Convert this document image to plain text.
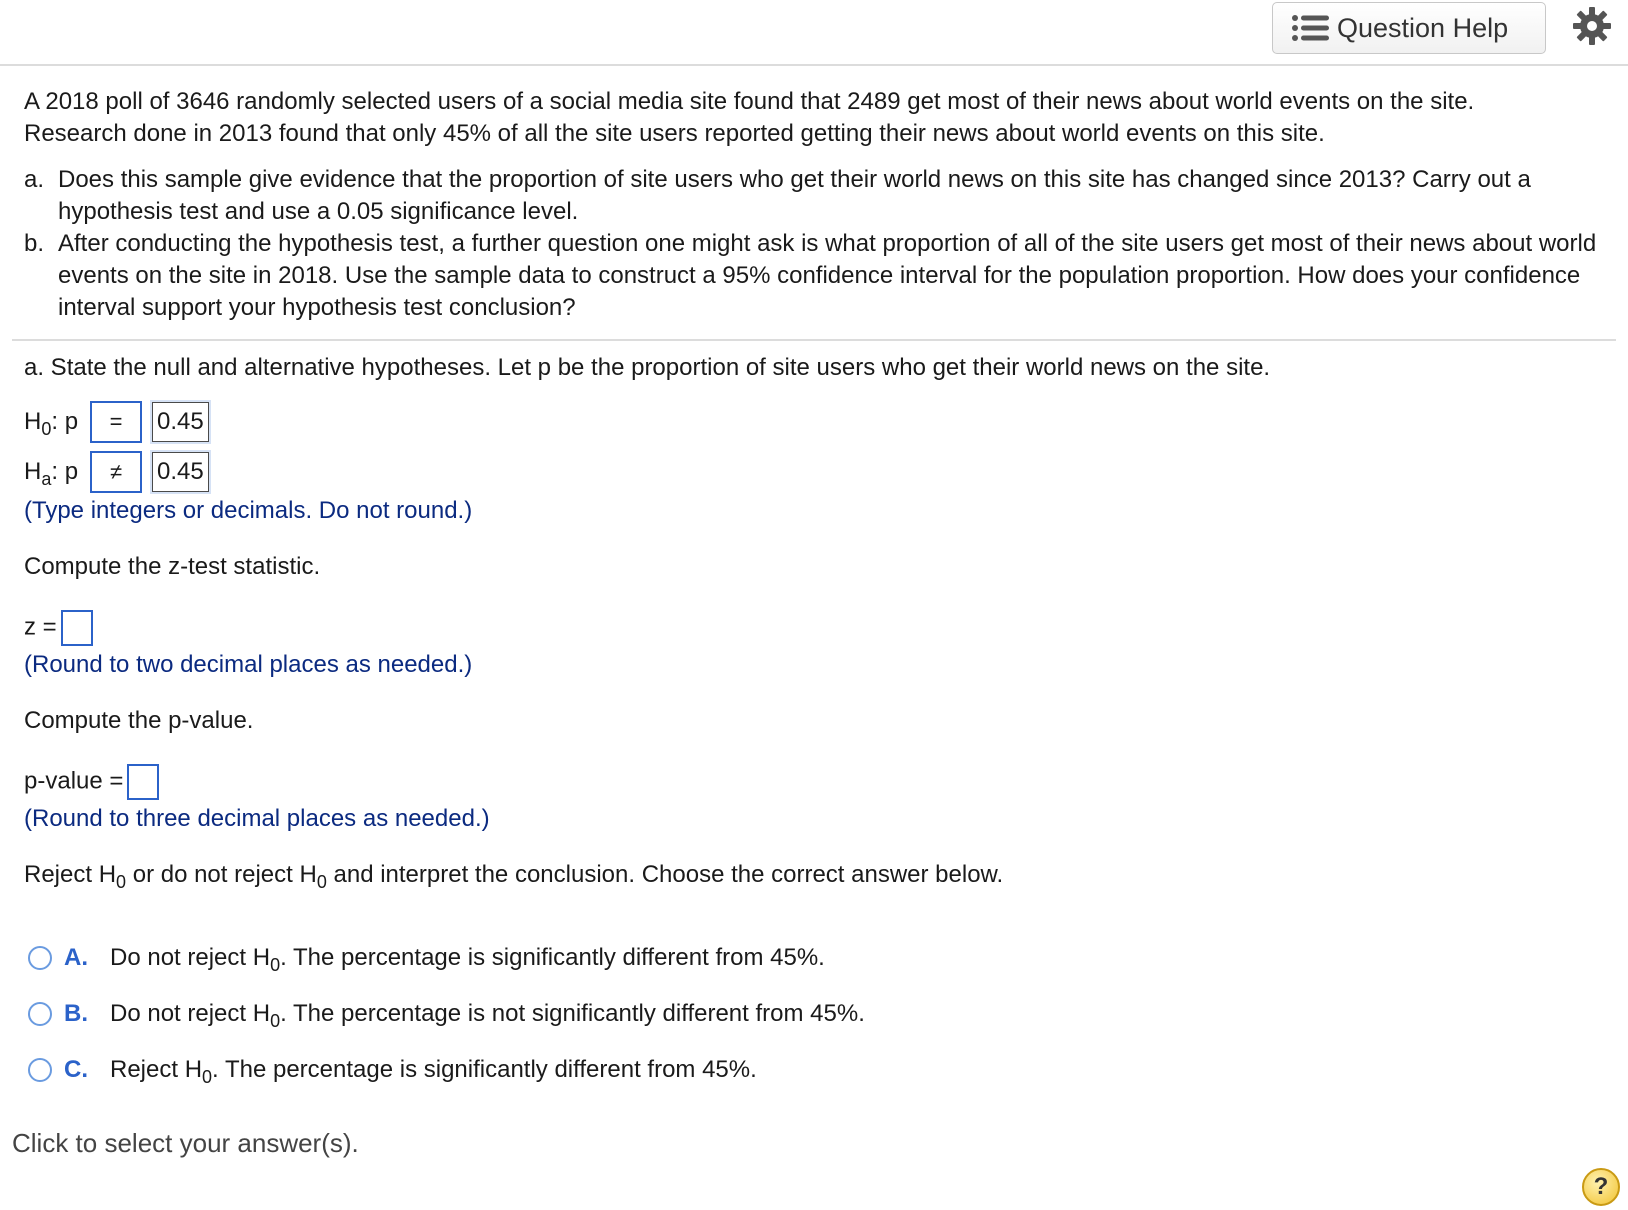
Question Help

A 2018 poll of 3646 randomly selected users of a social media site found that 2489 get most of their news about world events on the site.

Research done in 2013 found that only 45% of all the site users reported getting their news about world events on this site.

a. Does this sample give evidence that the proportion of site users who get their world news on this site has changed since 2013? Carry out a hypothesis test and use a 0.05 significance level.
b. After conducting the hypothesis test, a further question one might ask is what proportion of all of the site users get most of their news about world events on the site in 2018. Use the sample data to construct a 95% confidence interval for the population proportion. How does your confidence interval support your hypothesis test conclusion?
a. State the null and alternative hypotheses. Let p be the proportion of site users who get their world news on the site.
$H_0$: p	=	0.45
$H_a$: p	≠	0.45
(Type integers or decimals. Do not round.)
Compute the z-test statistic.
z =
(Round to two decimal places as needed.)
Compute the p-value.
p-value =
(Round to three decimal places as needed.)
Reject $H_0$ or do not reject $H_0$ and interpret the conclusion. Choose the correct answer below.
A. Do not reject $H_0$. The percentage is significantly different from 45%.
B. Do not reject $H_0$. The percentage is not significantly different from 45%.
C. Reject $H_0$. The percentage is significantly different from 45%.
Click to select your answer(s).
?
